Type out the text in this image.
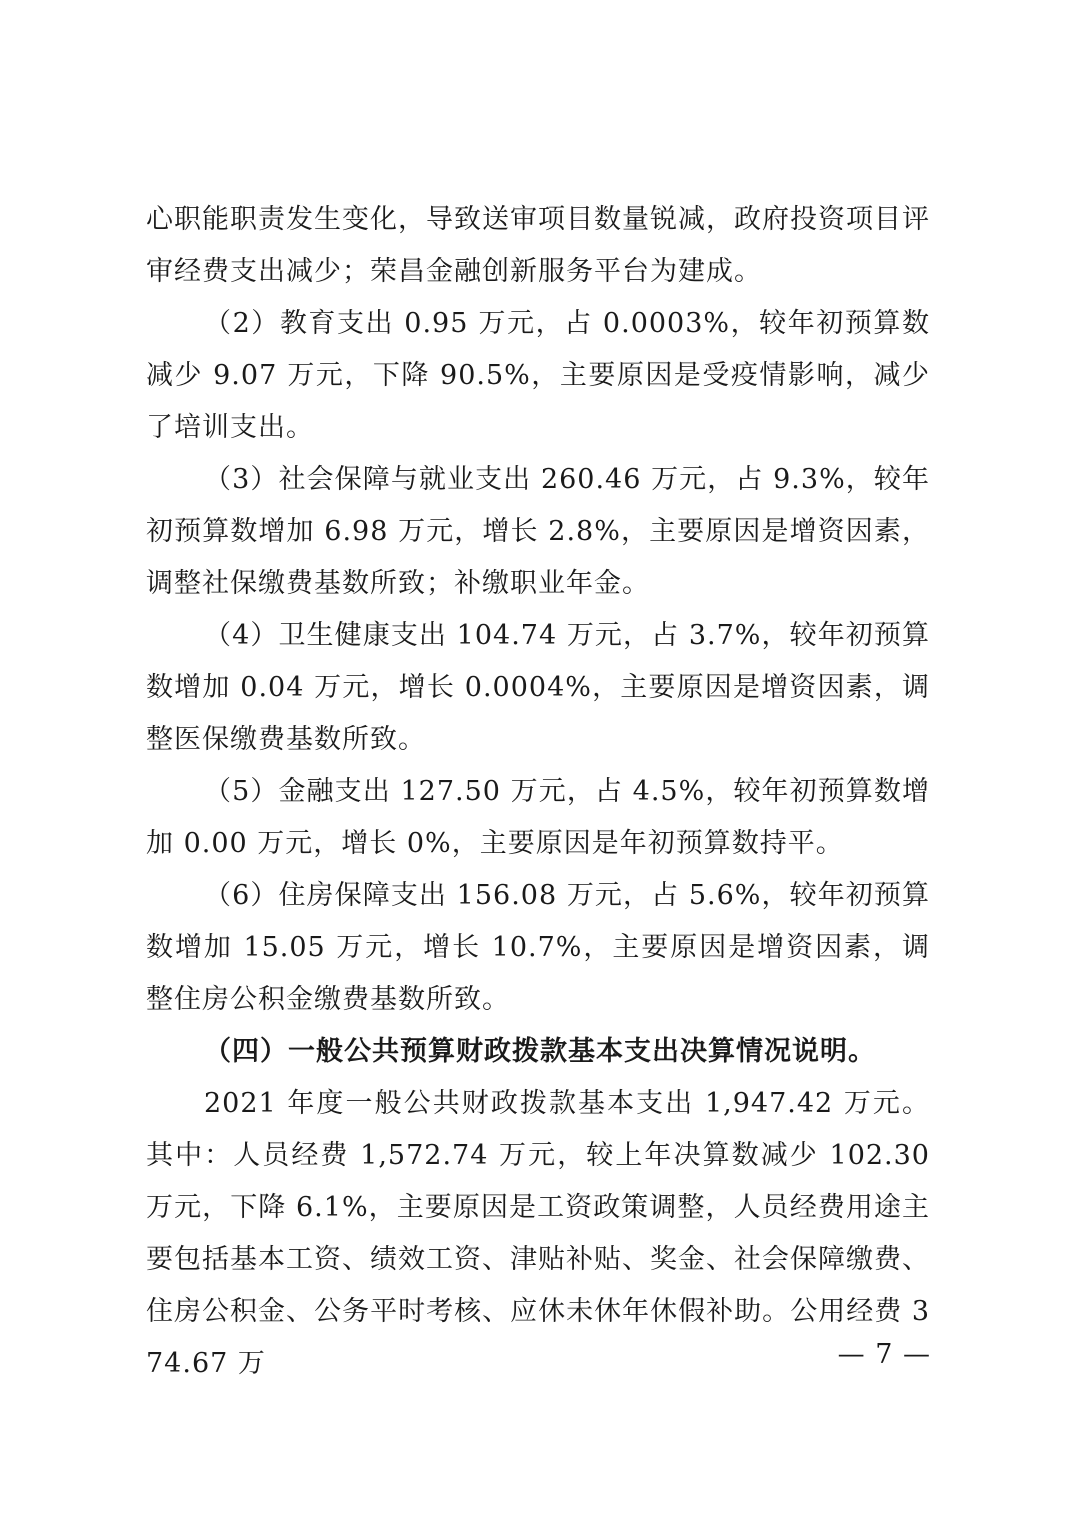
心职能职责发生变化，导致送审项目数量锐减，政府投资项目评审经费支出减少；荣昌金融创新服务平台为建成。

（2）教育支出 0.95 万元，占 0.0003%，较年初预算数减少 9.07 万元，下降 90.5%，主要原因是受疫情影响，减少了培训支出。

（3）社会保障与就业支出 260.46 万元，占 9.3%，较年初预算数增加 6.98 万元，增长 2.8%，主要原因是增资因素，调整社保缴费基数所致；补缴职业年金。

（4）卫生健康支出 104.74 万元，占 3.7%，较年初预算数增加 0.04 万元，增长 0.0004%，主要原因是增资因素，调整医保缴费基数所致。

（5）金融支出 127.50 万元，占 4.5%，较年初预算数增加 0.00 万元，增长 0%，主要原因是年初预算数持平。

（6）住房保障支出 156.08 万元，占 5.6%，较年初预算数增加 15.05 万元，增长 10.7%，主要原因是增资因素，调整住房公积金缴费基数所致。

（四）一般公共预算财政拨款基本支出决算情况说明。

2021 年度一般公共财政拨款基本支出 1,947.42 万元。其中：人员经费 1,572.74 万元，较上年决算数减少 102.30 万元，下降 6.1%，主要原因是工资政策调整，人员经费用途主要包括基本工资、绩效工资、津贴补贴、奖金、社会保障缴费、住房公积金、公务平时考核、应休未休年休假补助。公用经费 374.67 万	— 7 —
